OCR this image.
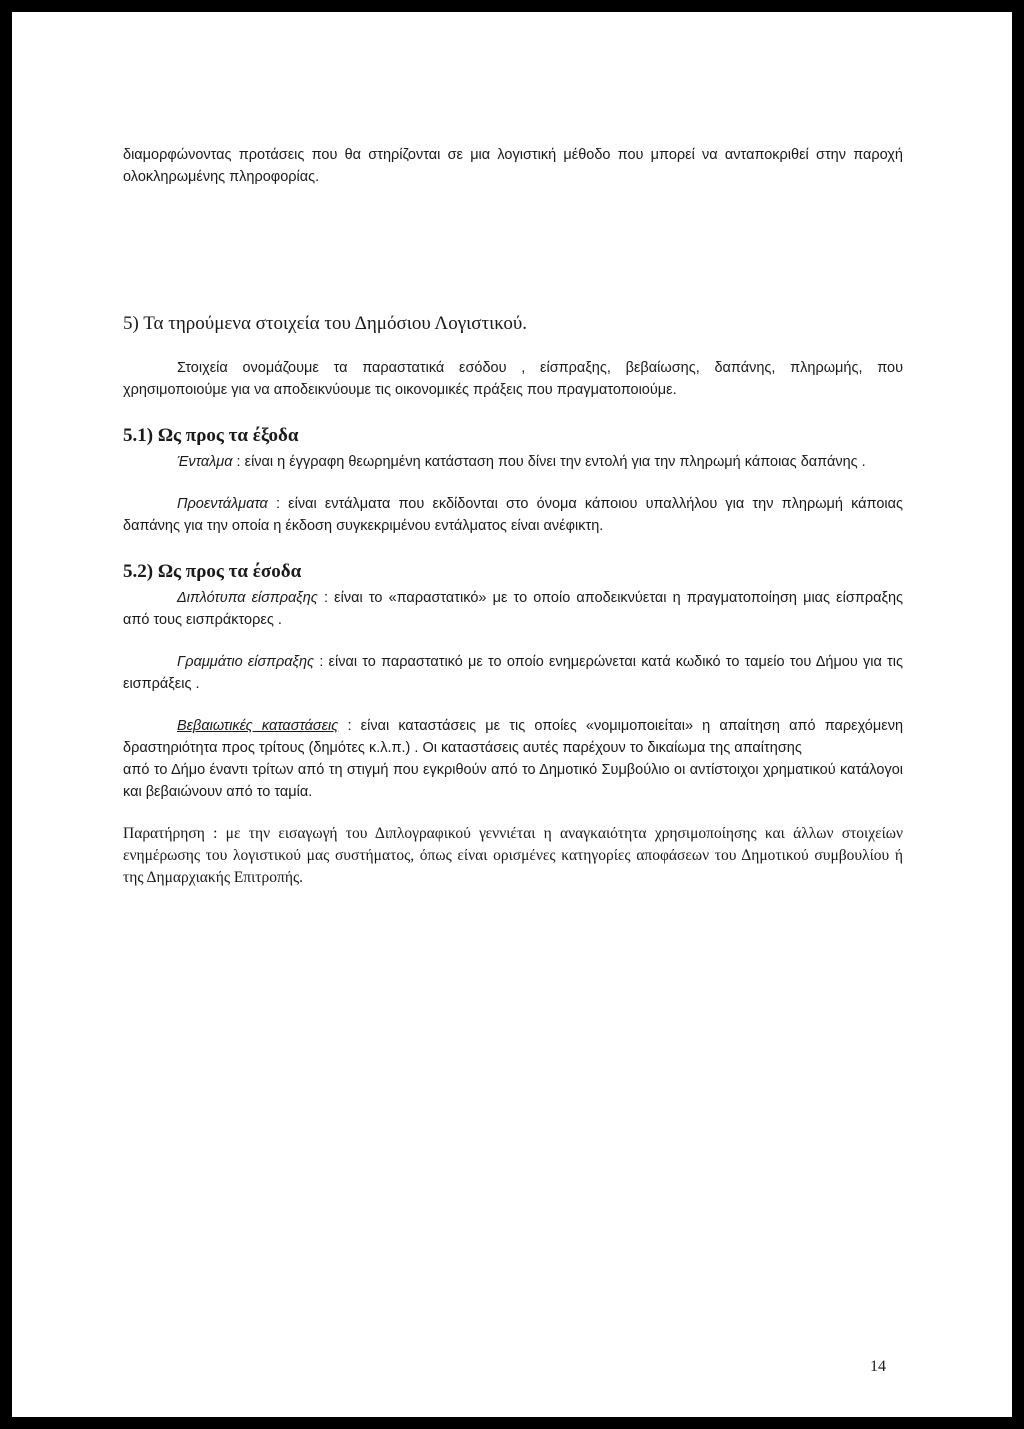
διαμορφώνοντας προτάσεις που θα στηρίζονται σε μια λογιστική μέθοδο που μπορεί να ανταποκριθεί στην παροχή ολοκληρωμένης πληροφορίας.

5) Τα τηρούμενα στοιχεία του Δημόσιου Λογιστικού.

Στοιχεία ονομάζουμε τα παραστατικά εσόδου , είσπραξης, βεβαίωσης, δαπάνης, πληρωμής, που χρησιμοποιούμε για να αποδεικνύουμε τις οικονομικές πράξεις που πραγματοποιούμε.

5.1) Ως προς τα έξοδα

Ένταλμα : είναι η έγγραφη θεωρημένη κατάσταση που δίνει την εντολή για την πληρωμή κάποιας δαπάνης .

Προεντάλματα : είναι εντάλματα που εκδίδονται στο όνομα κάποιου υπαλλήλου για την πληρωμή κάποιας δαπάνης για την οποία η έκδοση συγκεκριμένου εντάλματος είναι ανέφικτη.

5.2) Ως προς τα έσοδα

Διπλότυπα είσπραξης : είναι το «παραστατικό» με το οποίο αποδεικνύεται η πραγματοποίηση μιας είσπραξης από τους εισπράκτορες .

Γραμμάτιο είσπραξης : είναι το παραστατικό με το οποίο ενημερώνεται κατά κωδικό το ταμείο του Δήμου για τις εισπράξεις .

Βεβαιωτικές καταστάσεις : είναι καταστάσεις με τις οποίες «νομιμοποιείται» η απαίτηση από παρεχόμενη δραστηριότητα προς τρίτους (δημότες κ.λ.π.) . Οι καταστάσεις αυτές παρέχουν το δικαίωμα της απαίτησης

από το Δήμο έναντι τρίτων από τη στιγμή που εγκριθούν από το Δημοτικό Συμβούλιο οι αντίστοιχοι χρηματικού κατάλογοι και βεβαιώνουν από το ταμία.

Παρατήρηση : με την εισαγωγή του Διπλογραφικού γεννιέται η αναγκαιότητα χρησιμοποίησης και άλλων στοιχείων ενημέρωσης του λογιστικού μας συστήματος, όπως είναι ορισμένες κατηγορίες αποφάσεων του Δημοτικού συμβουλίου ή της Δημαρχιακής Επιτροπής.

14
